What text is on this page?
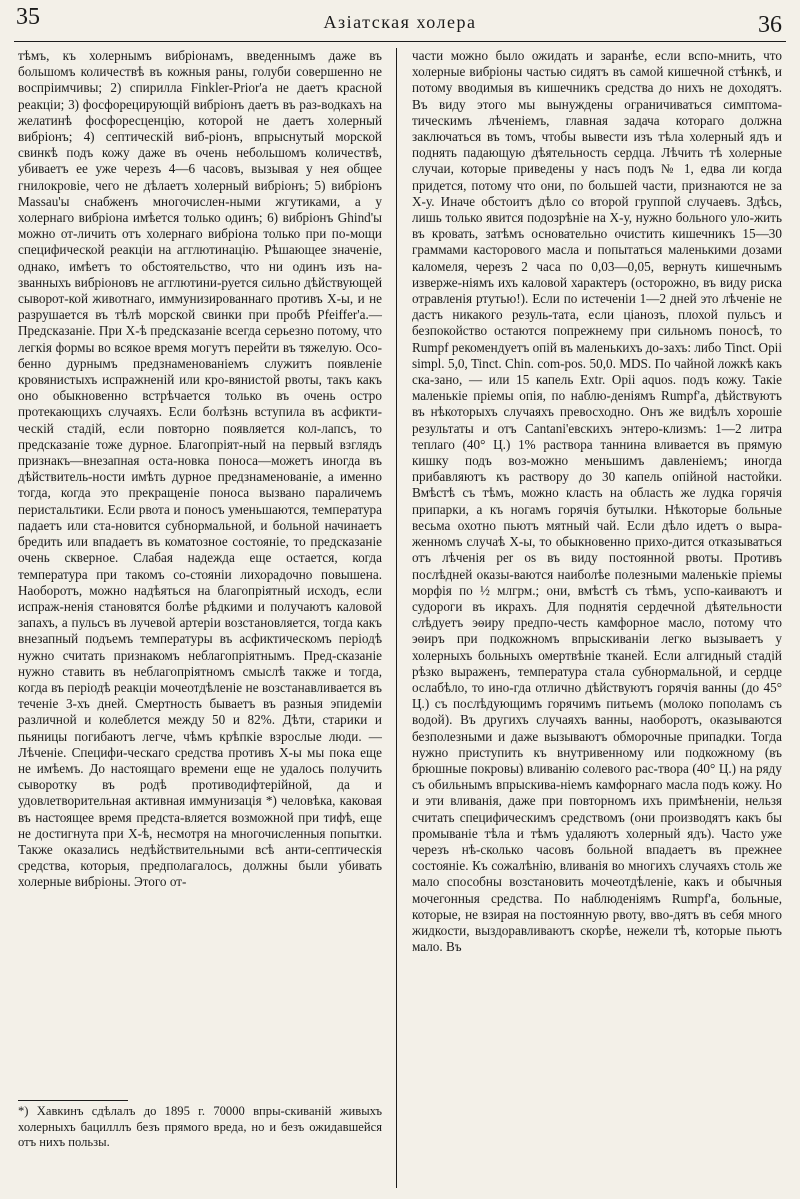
35	Азіатская холера	36

тѣмъ, къ холернымъ вибріонамъ, введеннымъ даже въ большомъ количествѣ въ кожныя раны, голуби совершенно не воспріимчивы; 2) спириллa Finkler-Prior'a не даетъ красной реакціи; 3) фосфорецирующій вибріонъ даетъ въ раз-водкахъ на желатинѣ фосфоресценцію, которой не даетъ холерный вибріонъ; 4) септическій виб-ріонъ, впрыснутый морской свинкѣ подъ кожу даже въ очень небольшомъ количествѣ, убиваетъ ее уже черезъ 4—6 часовъ, вызывая у нея общее гнилокровіе, чего не дѣлаетъ холерный вибріонъ; 5) вибріонъ Massau'ы снабженъ многочислен-ными жгутиками, а у холернаго вибріона имѣется только одинъ; 6) вибріонъ Ghind'ы можно от-личить отъ холернаго вибріона только при по-мощи специфической реакціи на агглютинацію. Рѣшающее значеніе, однако, имѣетъ то обстоятельство, что ни одинъ изъ на-званныхъ вибріоновъ не агглютини-руется сильно дѣйствующей сыворот-кой животнаго, иммунизированнаго противъ Х-ы, и не разрушается въ тѣлѣ морской свинки при пробѣ Pfeiffer'a.—Предсказаніе. При Х-ѣ предсказаніе всегда серьезно потому, что легкія формы во всякое время могутъ перейти въ тяжелую. Осо-бенно дурнымъ предзнаменованіемъ служитъ появленіе кровянистыхъ испражненій или кро-вянистой рвоты, такъ какъ оно обыкновенно встрѣчается только въ очень остро протекающихъ случаяхъ. Если болѣзнь вступила въ асфикти-ческій стадій, если повторно появляется кол-лапсъ, то предсказаніе тоже дурное. Благопріят-ный на первый взглядъ признакъ—внезапная оста-новка поноса—можетъ иногда въ дѣйствитель-ности имѣть дурное предзнаменованіе, а именно тогда, когда это прекращеніе поноса вызвано параличемъ перистальтики. Если рвота и поносъ уменьшаются, температура падаетъ или ста-новится субнормальной, и больной начинаетъ бредить или впадаетъ въ коматозное состояніе, то предсказаніе очень скверное. Слабая надежда еще остается, когда температура при такомъ со-стояніи лихорадочно повышена. Наоборотъ, можно надѣяться на благопріятный исходъ, если испраж-ненія становятся болѣе рѣдкими и получаютъ каловой запахъ, а пульсъ въ лучевой артеріи возстановляется, тогда какъ внезапный подъемъ температуры въ асфиктическомъ періодѣ нужно считать признакомъ неблагопріятнымъ. Пред-сказаніе нужно ставить въ неблагопріятномъ смыслѣ также и тогда, когда въ періодѣ реакціи мочеотдѣленіе не возстанавливается въ теченіе 3-хъ дней. Смертность бываетъ въ разныя эпидеміи различной и колеблется между 50 и 82%. Дѣти, старики и пьяницы погибаютъ легче, чѣмъ крѣпкіе взрослые люди. — Лѣченіе. Специфи-ческаго средства противъ Х-ы мы пока еще не имѣемъ. До настоящаго времени еще не удалось получить сыворотку въ родѣ противодифтерійной, да и удовлетворительная активная иммунизація *) человѣка, каковая въ настоящее время предста-вляется возможной при тифѣ, еще не достигнута при Х-ѣ, несмотря на многочисленныя попытки. Также оказались недѣйствительными всѣ анти-септическія средства, которыя, предполагалось, должны были убивать холерные вибріоны. Этого от-

части можно было ожидать и заранѣе, если вспо-мнить, что холерные вибріоны частью сидятъ въ самой кишечной стѣнкѣ, и потому вводимыя въ кишечникъ средства до нихъ не доходятъ. Въ виду этого мы вынуждены ограничиваться симптома-тическимъ лѣченіемъ, главная задача котораго должна заключаться въ томъ, чтобы вывести изъ тѣла холерный ядъ и поднять падающую дѣятельность сердца. Лѣчить тѣ холерные случаи, которые приведены у насъ подъ № 1, едва ли когда придется, потому что они, по большей части, признаются не за Х-у. Иначе обстоитъ дѣло со второй группой случаевъ. Здѣсь, лишь только явится подозрѣніе на Х-у, нужно больного уло-жить въ кровать, затѣмъ основательно очистить кишечникъ 15—30 граммами касторового масла и попытаться маленькими дозами каломеля, черезъ 2 часа по 0,03—0,05, вернуть кишечнымъ изверже-ніямъ ихъ каловой характеръ (осторожно, въ виду риска отравленія ртутью!). Если по истеченіи 1—2 дней это лѣченіе не дастъ никакого резуль-тата, если ціанозъ, плохой пульсъ и безпокойство остаются попрежнему при сильномъ поносѣ, то Rumpf рекомендуетъ опій въ маленькихъ до-захъ: либо Tinct. Opii simpl. 5,0, Tinct. Chin. com-pos. 50,0. MDS. По чайной ложкѣ какъ ска-зано, — или 15 капель Extr. Opii aquos. подъ кожу. Такіе маленькіе пріемы опія, по наблю-деніямъ Rumpf'a, дѣйствуютъ въ нѣкоторыхъ случаяхъ превосходно. Онъ же видѣлъ хорошіе результаты и отъ Cantani'евскихъ энтеро-клизмъ: 1—2 литра теплаго (40° Ц.) 1% раствора таннина вливается въ прямую кишку подъ воз-можно меньшимъ давленіемъ; иногда прибавляютъ къ раствору до 30 капель опійной настойки. Вмѣстѣ съ тѣмъ, можно класть на область же лудка горячія припарки, а къ ногамъ горячія бутылки. Нѣкоторые больные весьма охотно пьютъ мятный чай. Если дѣло идетъ о выра-женномъ случаѣ Х-ы, то обыкновенно прихо-дится отказываться отъ лѣченія per os въ виду постоянной рвоты. Противъ послѣдней оказы-ваются наиболѣе полезными маленькіе пріемы морфія по ½ млгрм.; они, вмѣстѣ съ тѣмъ, успо-каиваютъ и судороги въ икрахъ. Для поднятія сердечной дѣятельности слѣдуетъ эѳиру предпо-честь камфорное масло, потому что эѳиръ при подкожномъ впрыскиваніи легко вызываетъ у холерныхъ больныхъ омертвѣніе тканей. Если алгидный стадій рѣзко выраженъ, температура стала субнормальной, и сердце ослабѣло, то ино-гда отлично дѣйствуютъ горячія ванны (до 45° Ц.) съ послѣдующимъ горячимъ питьемъ (молоко пополамъ съ водой). Въ другихъ случаяхъ ванны, наоборотъ, оказываются безполезными и даже вызываютъ обморочные припадки. Тогда нужно приступить къ внутривенному или подкожному (въ брюшные покровы) вливанію солевого рас-твора (40° Ц.) на ряду съ обильнымъ впрыскива-ніемъ камфорнаго масла подъ кожу. Но и эти вливанія, даже при повторномъ ихъ примѣненіи, нельзя считать специфическимъ средствомъ (они производятъ какъ бы промываніе тѣла и тѣмъ удаляютъ холерный ядъ). Часто уже черезъ нѣ-сколько часовъ больной впадаетъ въ прежнее состояніе. Къ сожалѣнію, вливанія во многихъ случаяхъ столь же мало способны возстановить мочеотдѣленіе, какъ и обычныя мочегонныя средства. По наблюденіямъ Rumpf'a, больные, которые, не взирая на постоянную рвоту, вво-дятъ въ себя много жидкости, выздоравливаютъ скорѣе, нежели тѣ, которые пьютъ мало. Въ

*) Хавкинъ сдѣлалъ до 1895 г. 70000 впры-скиваній живыхъ холерныхъ бацилллъ безъ прямого вреда, но и безъ ожидавшейся отъ нихъ пользы.
